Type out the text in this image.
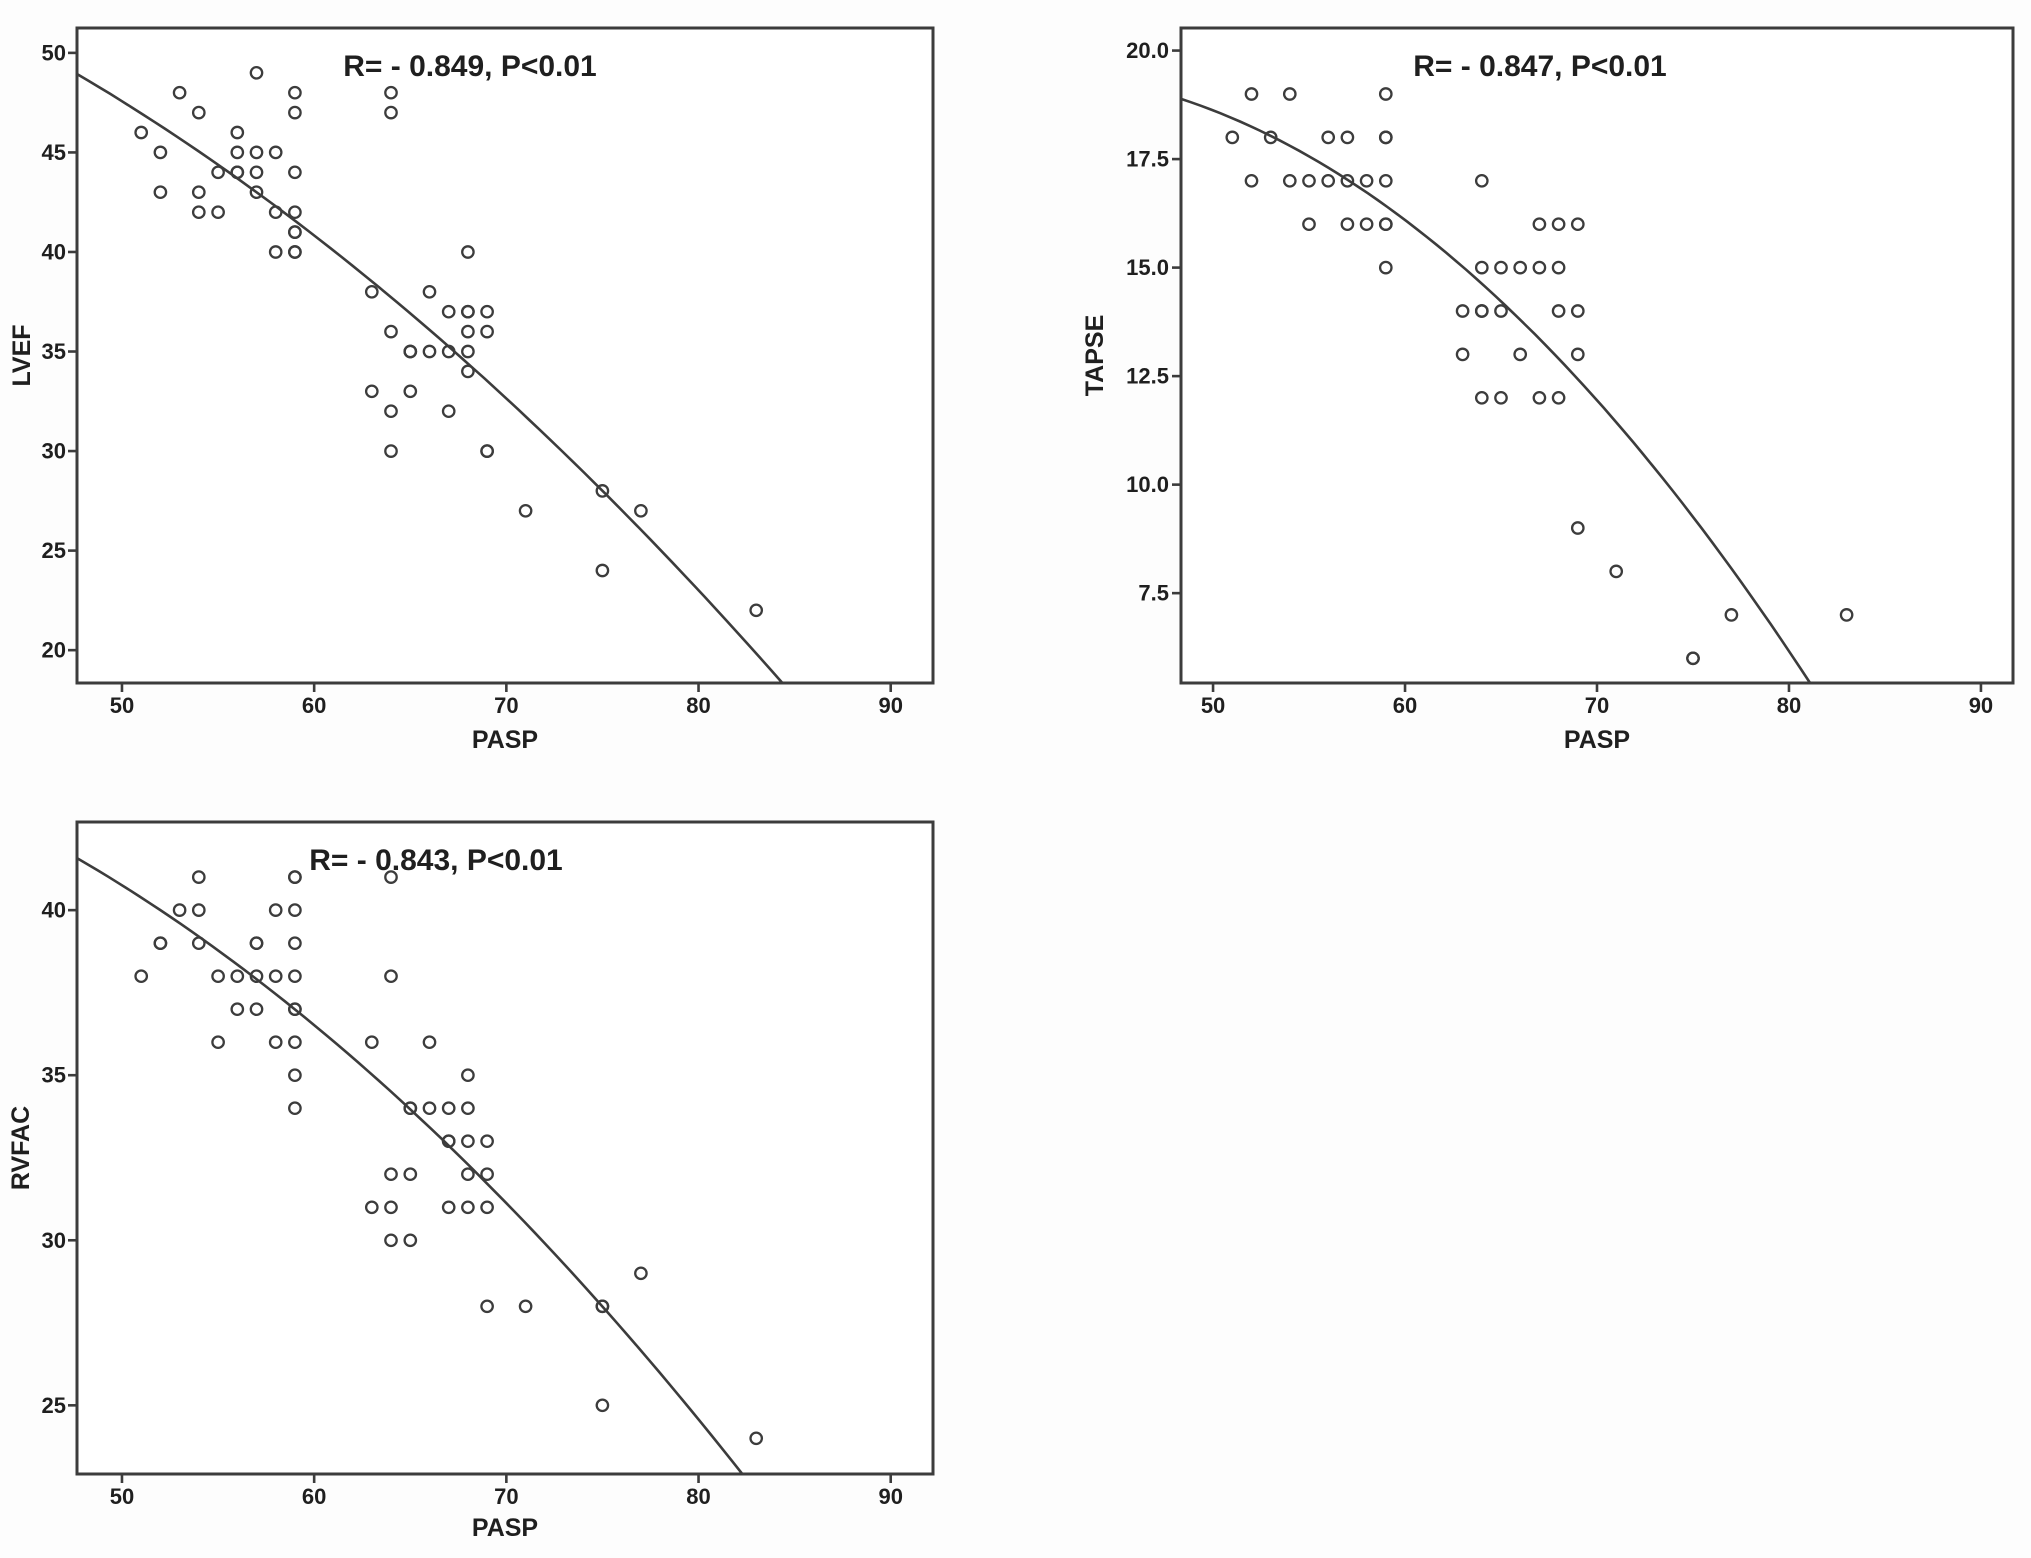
50	60	70	80	90
50
45
40
35
30
25
20
R= - 0.849, P<0.01
PASP
LVEF
50	60	70	80	90
20.0
17.5
15.0
12.5
10.0
7.5
R= - 0.847, P<0.01
PASP
TAPSE
50	60	70	80	90
40
35
30
25
R= - 0.843, P<0.01
PASP
RVFAC
